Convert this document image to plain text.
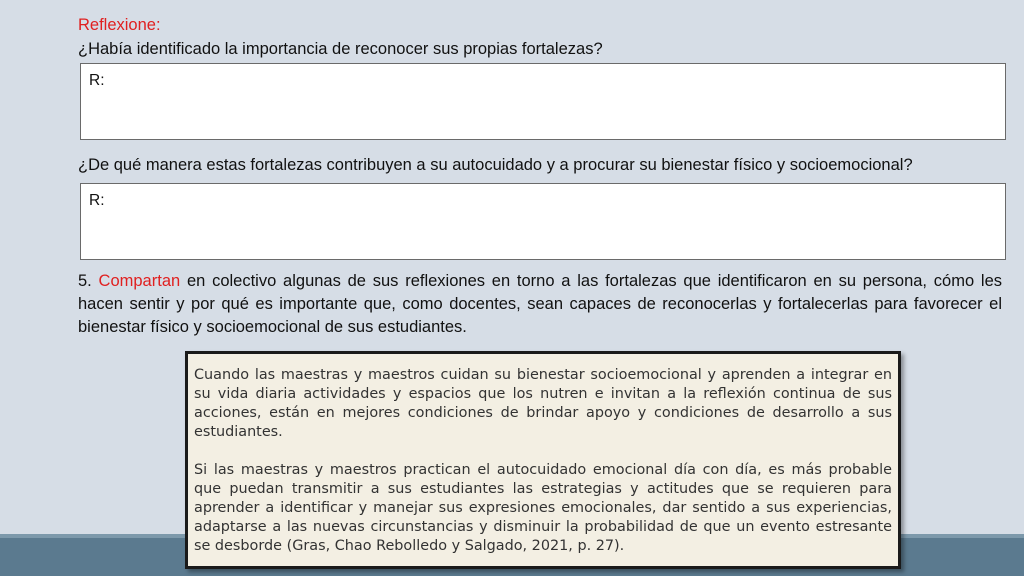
Reflexione:
¿Había identificado la importancia de reconocer sus propias fortalezas?
R:
¿De qué manera estas fortalezas contribuyen a su autocuidado y a procurar su bienestar físico y socioemocional?
R:
5. Compartan en colectivo algunas de sus reflexiones en torno a las fortalezas que identificaron en su persona, cómo les hacen sentir y por qué es importante que, como docentes, sean capaces de reconocerlas y fortalecerlas para favorecer el bienestar físico y socioemocional de sus estudiantes.

Cuando las maestras y maestros cuidan su bienestar socioemocional y aprenden a integrar en su vida diaria actividades y espacios que los nutren e invitan a la reflexión continua de sus acciones, están en mejores condiciones de brindar apoyo y condiciones de desarrollo a sus estudiantes.

Si las maestras y maestros practican el autocuidado emocional día con día, es más probable que puedan transmitir a sus estudiantes las estrategias y actitudes que se requieren para aprender a identificar y manejar sus expresiones emocionales, dar sentido a sus experiencias, adaptarse a las nuevas circunstancias y disminuir la probabilidad de que un evento estresante se desborde (Gras, Chao Rebolledo y Salgado, 2021, p. 27).
